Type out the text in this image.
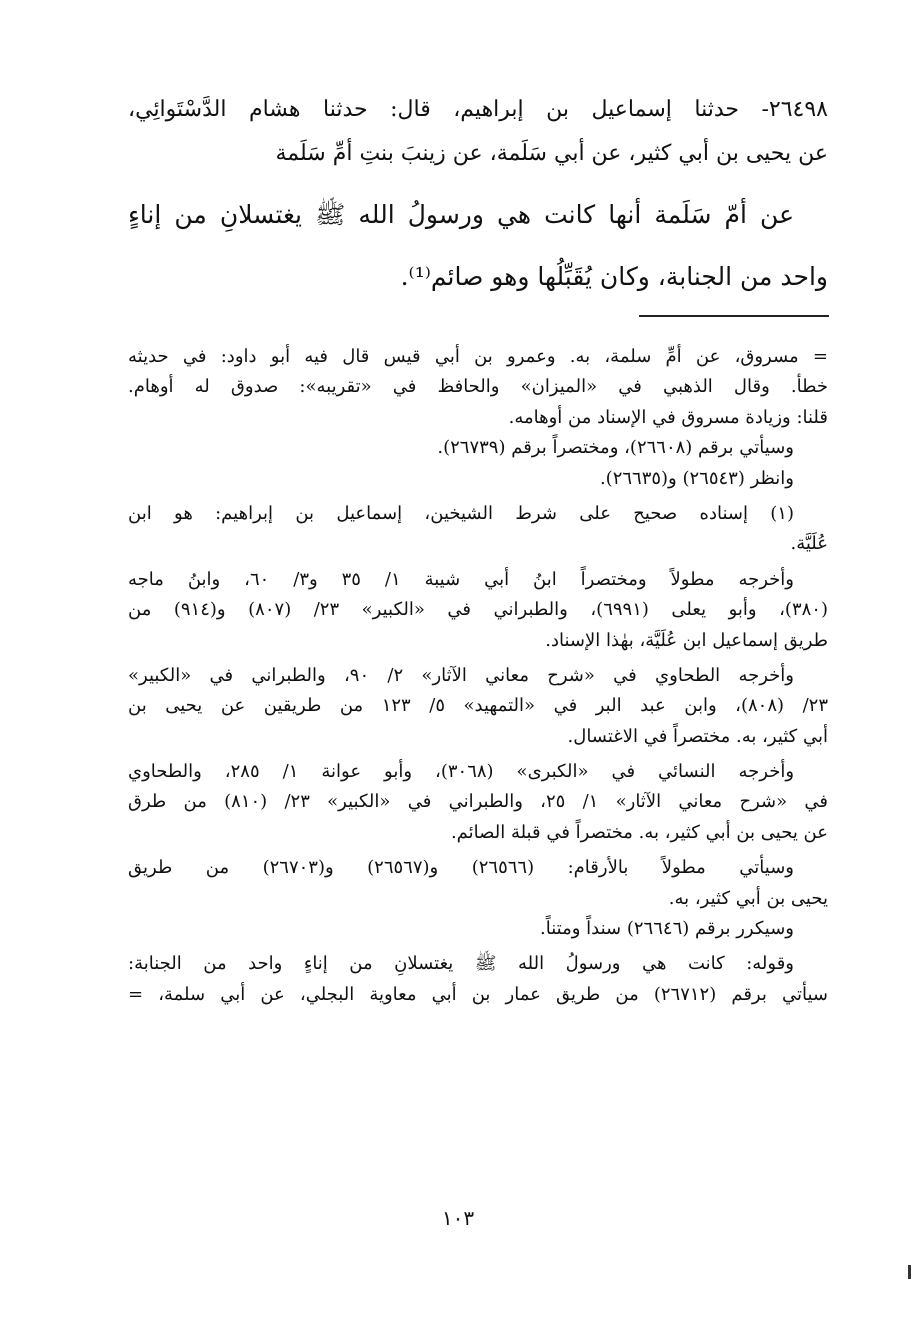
٢٦٤٩٨- حدثنا إسماعيل بن إبراهيم، قال: حدثنا هشام الدَّسْتَوائِي،
عن يحيى بن أبي كثير، عن أبي سَلَمة، عن زينبَ بنتِ أمِّ سَلَمة
عن أمّ سَلَمة أنها كانت هي ورسولُ الله ﷺ يغتسلانِ من إناءٍ
واحد من الجنابة، وكان يُقَبِّلُها وهو صائم⁽¹⁾.
= مسروق، عن أمِّ سلمة، به. وعمرو بن أبي قيس قال فيه أبو داود: في حديثه
خطأ. وقال الذهبي في «الميزان» والحافظ في «تقريبه»: صدوق له أوهام.
قلنا: وزيادة مسروق في الإسناد من أوهامه.
وسيأتي برقم (٢٦٦٠٨)، ومختصراً برقم (٢٦٧٣٩).
وانظر (٢٦٥٤٣) و(٢٦٦٣٥).
(١) إسناده صحيح على شرط الشيخين، إسماعيل بن إبراهيم: هو ابن
عُلَيَّة.
وأخرجه مطولاً ومختصراً ابنُ أبي شيبة ١/ ٣٥ و٣/ ٦٠، وابنُ ماجه
(٣٨٠)، وأبو يعلى (٦٩٩١)، والطبراني في «الكبير» ٢٣/ (٨٠٧) و(٩١٤) من
طريق إسماعيل ابن عُلَيَّة، بهٰذا الإسناد.
وأخرجه الطحاوي في «شرح معاني الآثار» ٢/ ٩٠، والطبراني في «الكبير»
٢٣/ (٨٠٨)، وابن عبد البر في «التمهيد» ٥/ ١٢٣ من طريقين عن يحيى بن
أبي كثير، به. مختصراً في الاغتسال.
وأخرجه النسائي في «الكبرى» (٣٠٦٨)، وأبو عوانة ١/ ٢٨٥، والطحاوي
في «شرح معاني الآثار» ١/ ٢٥، والطبراني في «الكبير» ٢٣/ (٨١٠) من طرق
عن يحيى بن أبي كثير، به. مختصراً في قبلة الصائم.
وسيأتي مطولاً بالأرقام: (٢٦٥٦٦) و(٢٦٥٦٧) و(٢٦٧٠٣) من طريق
يحيى بن أبي كثير، به.
وسيكرر برقم (٢٦٦٤٦) سنداً ومتناً.
وقوله: كانت هي ورسولُ الله ﷺ يغتسلانِ من إناءٍ واحد من الجنابة:
سيأتي برقم (٢٦٧١٢) من طريق عمار بن أبي معاوية البجلي، عن أبي سلمة، =
١٠٣
